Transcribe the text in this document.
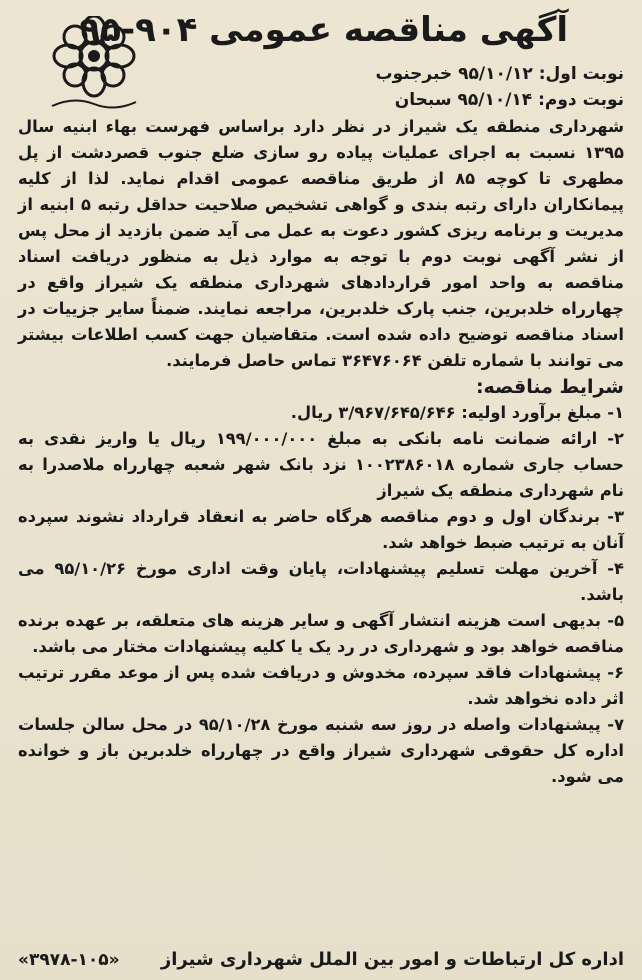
آگهی مناقصه عمومی ۹۰۴-۹۵
نوبت اول: ۹۵/۱۰/۱۲ خبرجنوب
نوبت دوم: ۹۵/۱۰/۱۴ سبحان
شهرداری منطقه یک شیراز در نظر دارد براساس فهرست بهاء ابنیه سال ۱۳۹۵ نسبت به اجرای عملیات پیاده رو سازی ضلع جنوب قصردشت از پل مطهری تا کوچه ۸۵ از طریق مناقصه عمومی اقدام نماید. لذا از کلیه پیمانکاران دارای رتبه بندی و گواهی تشخیص صلاحیت حداقل رتبه ۵ ابنیه از مدیریت و برنامه ریزی کشور دعوت به عمل می آید ضمن بازدید از محل پس از نشر آگهی نوبت دوم با توجه به موارد ذیل به منظور دریافت اسناد مناقصه به واحد امور قراردادهای شهرداری منطقه یک شیراز واقع در چهارراه خلدبرین، جنب پارک خلدبرین، مراجعه نمایند. ضمناً سایر جزییات در اسناد مناقصه توضیح داده شده است. متقاضیان جهت کسب اطلاعات بیشتر می توانند با شماره تلفن ۳۶۴۷۶۰۶۴ تماس حاصل فرمایند.
شرایط مناقصه:
۱- مبلغ برآورد اولیه: ۳/۹۶۷/۶۴۵/۶۴۶ ریال.
۲- ارائه ضمانت نامه بانکی به مبلغ ۱۹۹/۰۰۰/۰۰۰ ریال یا واریز نقدی به حساب جاری شماره ۱۰۰۲۳۸۶۰۱۸ نزد بانک شهر شعبه چهارراه ملاصدرا به نام شهرداری منطقه یک شیراز
۳- برندگان اول و دوم مناقصه هرگاه حاضر به انعقاد قرارداد نشوند سپرده آنان به ترتیب ضبط خواهد شد.
۴- آخرین مهلت تسلیم پیشنهادات، پایان وقت اداری مورخ ۹۵/۱۰/۲۶ می باشد.
۵- بدیهی است هزینه انتشار آگهی و سایر هزینه های متعلقه، بر عهده برنده مناقصه خواهد بود و شهرداری در رد یک یا کلیه پیشنهادات مختار می باشد.
۶- پیشنهادات فاقد سپرده، مخدوش و دریافت شده پس از موعد مقرر ترتیب اثر داده نخواهد شد.
۷- پیشنهادات واصله در روز سه شنبه مورخ ۹۵/۱۰/۲۸ در محل سالن جلسات اداره کل حقوقی شهرداری شیراز واقع در چهارراه خلدبرین باز و خوانده می شود.
اداره کل ارتباطات و امور بین الملل شهرداری شیراز
«۳۹۷۸-۱۰۵»
